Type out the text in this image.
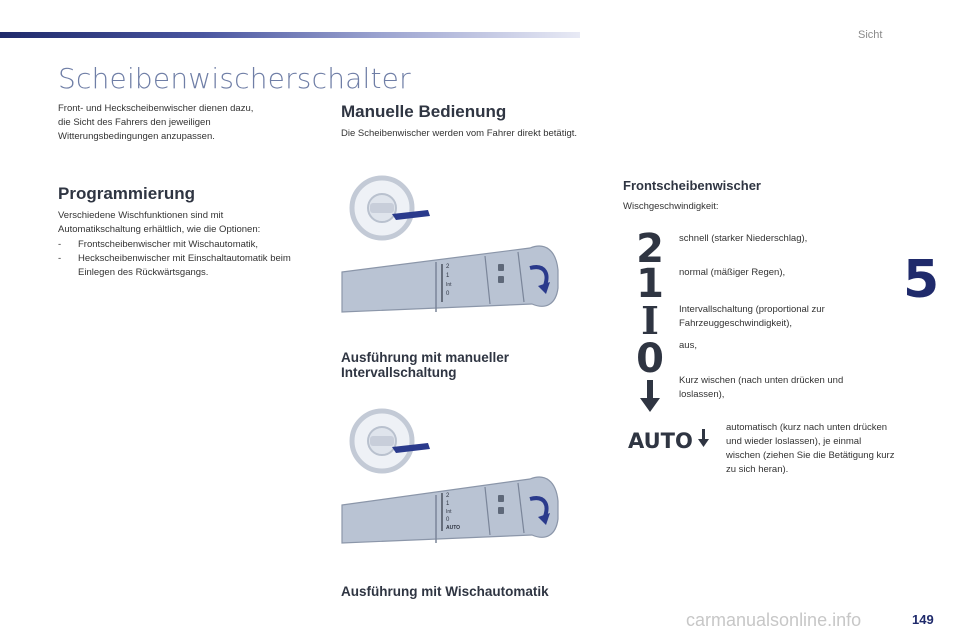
Sicht
Scheibenwischerschalter
Front- und Heckscheibenwischer dienen dazu, die Sicht des Fahrers den jeweiligen Witterungsbedingungen anzupassen.
Programmierung
Verschiedene Wischfunktionen sind mit Automatikschaltung erhältlich, wie die Optionen:
- Frontscheibenwischer mit Wischautomatik,
- Heckscheibenwischer mit Einschaltautomatik beim Einlegen des Rückwärtsgangs.
Manuelle Bedienung
Die Scheibenwischer werden vom Fahrer direkt betätigt.
2
1
Int
0
Ausführung mit manueller Intervallschaltung
2
1
Int
0
AUTO
Ausführung mit Wischautomatik
Frontscheibenwischer
Wischgeschwindigkeit:
2 schnell (starker Niederschlag),
1 normal (mäßiger Regen),
I Intervallschaltung (proportional zur Fahrzeuggeschwindigkeit),
0 aus,
Kurz wischen (nach unten drücken und loslassen),
AUTO
automatisch (kurz nach unten drücken und wieder loslassen), je einmal wischen (ziehen Sie die Betätigung kurz zu sich heran).
5
carmanualsonline.info	149
